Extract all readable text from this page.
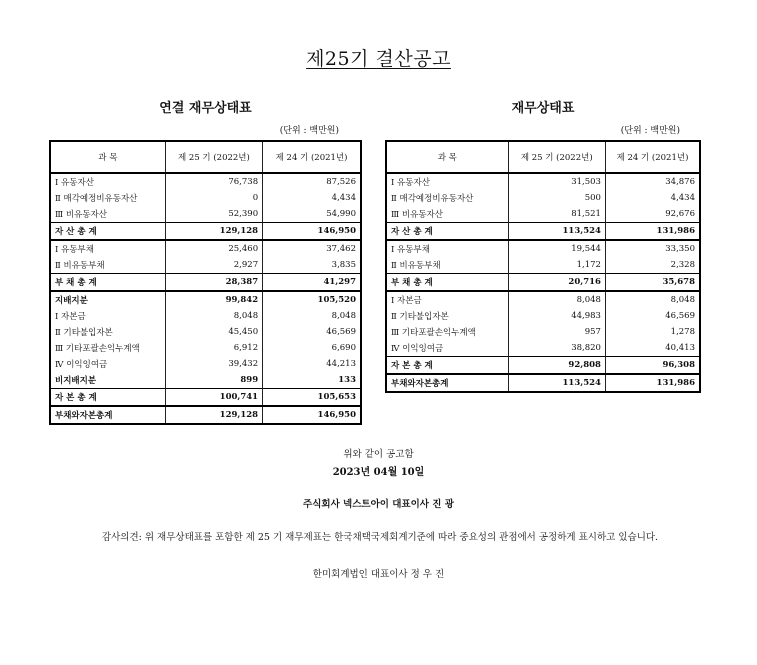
제25기 결산공고
연결 재무상태표
(단위 : 백만원)
과 목	제 25 기 (2022년)	제 24 기 (2021년)
Ⅰ 유동자산	76,738	87,526
Ⅱ 매각예정비유동자산	0	4,434
Ⅲ 비유동자산	52,390	54,990
자 산 총 계	129,128	146,950
Ⅰ 유동부채	25,460	37,462
Ⅱ 비유동부채	2,927	3,835
부 채 총 계	28,387	41,297
지배지분	99,842	105,520
Ⅰ 자본금	8,048	8,048
Ⅱ 기타불입자본	45,450	46,569
Ⅲ 기타포괄손익누계액	6,912	6,690
Ⅳ 이익잉여금	39,432	44,213
비지배지분	899	133
자 본 총 계	100,741	105,653
부채와자본총계	129,128	146,950
재무상태표
(단위 : 백만원)
과 목	제 25 기 (2022년)	제 24 기 (2021년)
Ⅰ 유동자산	31,503	34,876
Ⅱ 매각예정비유동자산	500	4,434
Ⅲ 비유동자산	81,521	92,676
자 산 총 계	113,524	131,986
Ⅰ 유동부채	19,544	33,350
Ⅱ 비유동부채	1,172	2,328
부 채 총 계	20,716	35,678
Ⅰ 자본금	8,048	8,048
Ⅱ 기타불입자본	44,983	46,569
Ⅲ 기타포괄손익누계액	957	1,278
Ⅳ 이익잉여금	38,820	40,413
자 본 총 계	92,808	96,308
부채와자본총계	113,524	131,986
위와 같이 공고함
2023년 04월 10일
주식회사 넥스트아이 대표이사 진 광
감사의견: 위 재무상태표를 포함한 제 25 기 재무제표는 한국채택국제회계기준에 따라 중요성의 관점에서 공정하게 표시하고 있습니다.
한미회계법인 대표이사 정 우 진
